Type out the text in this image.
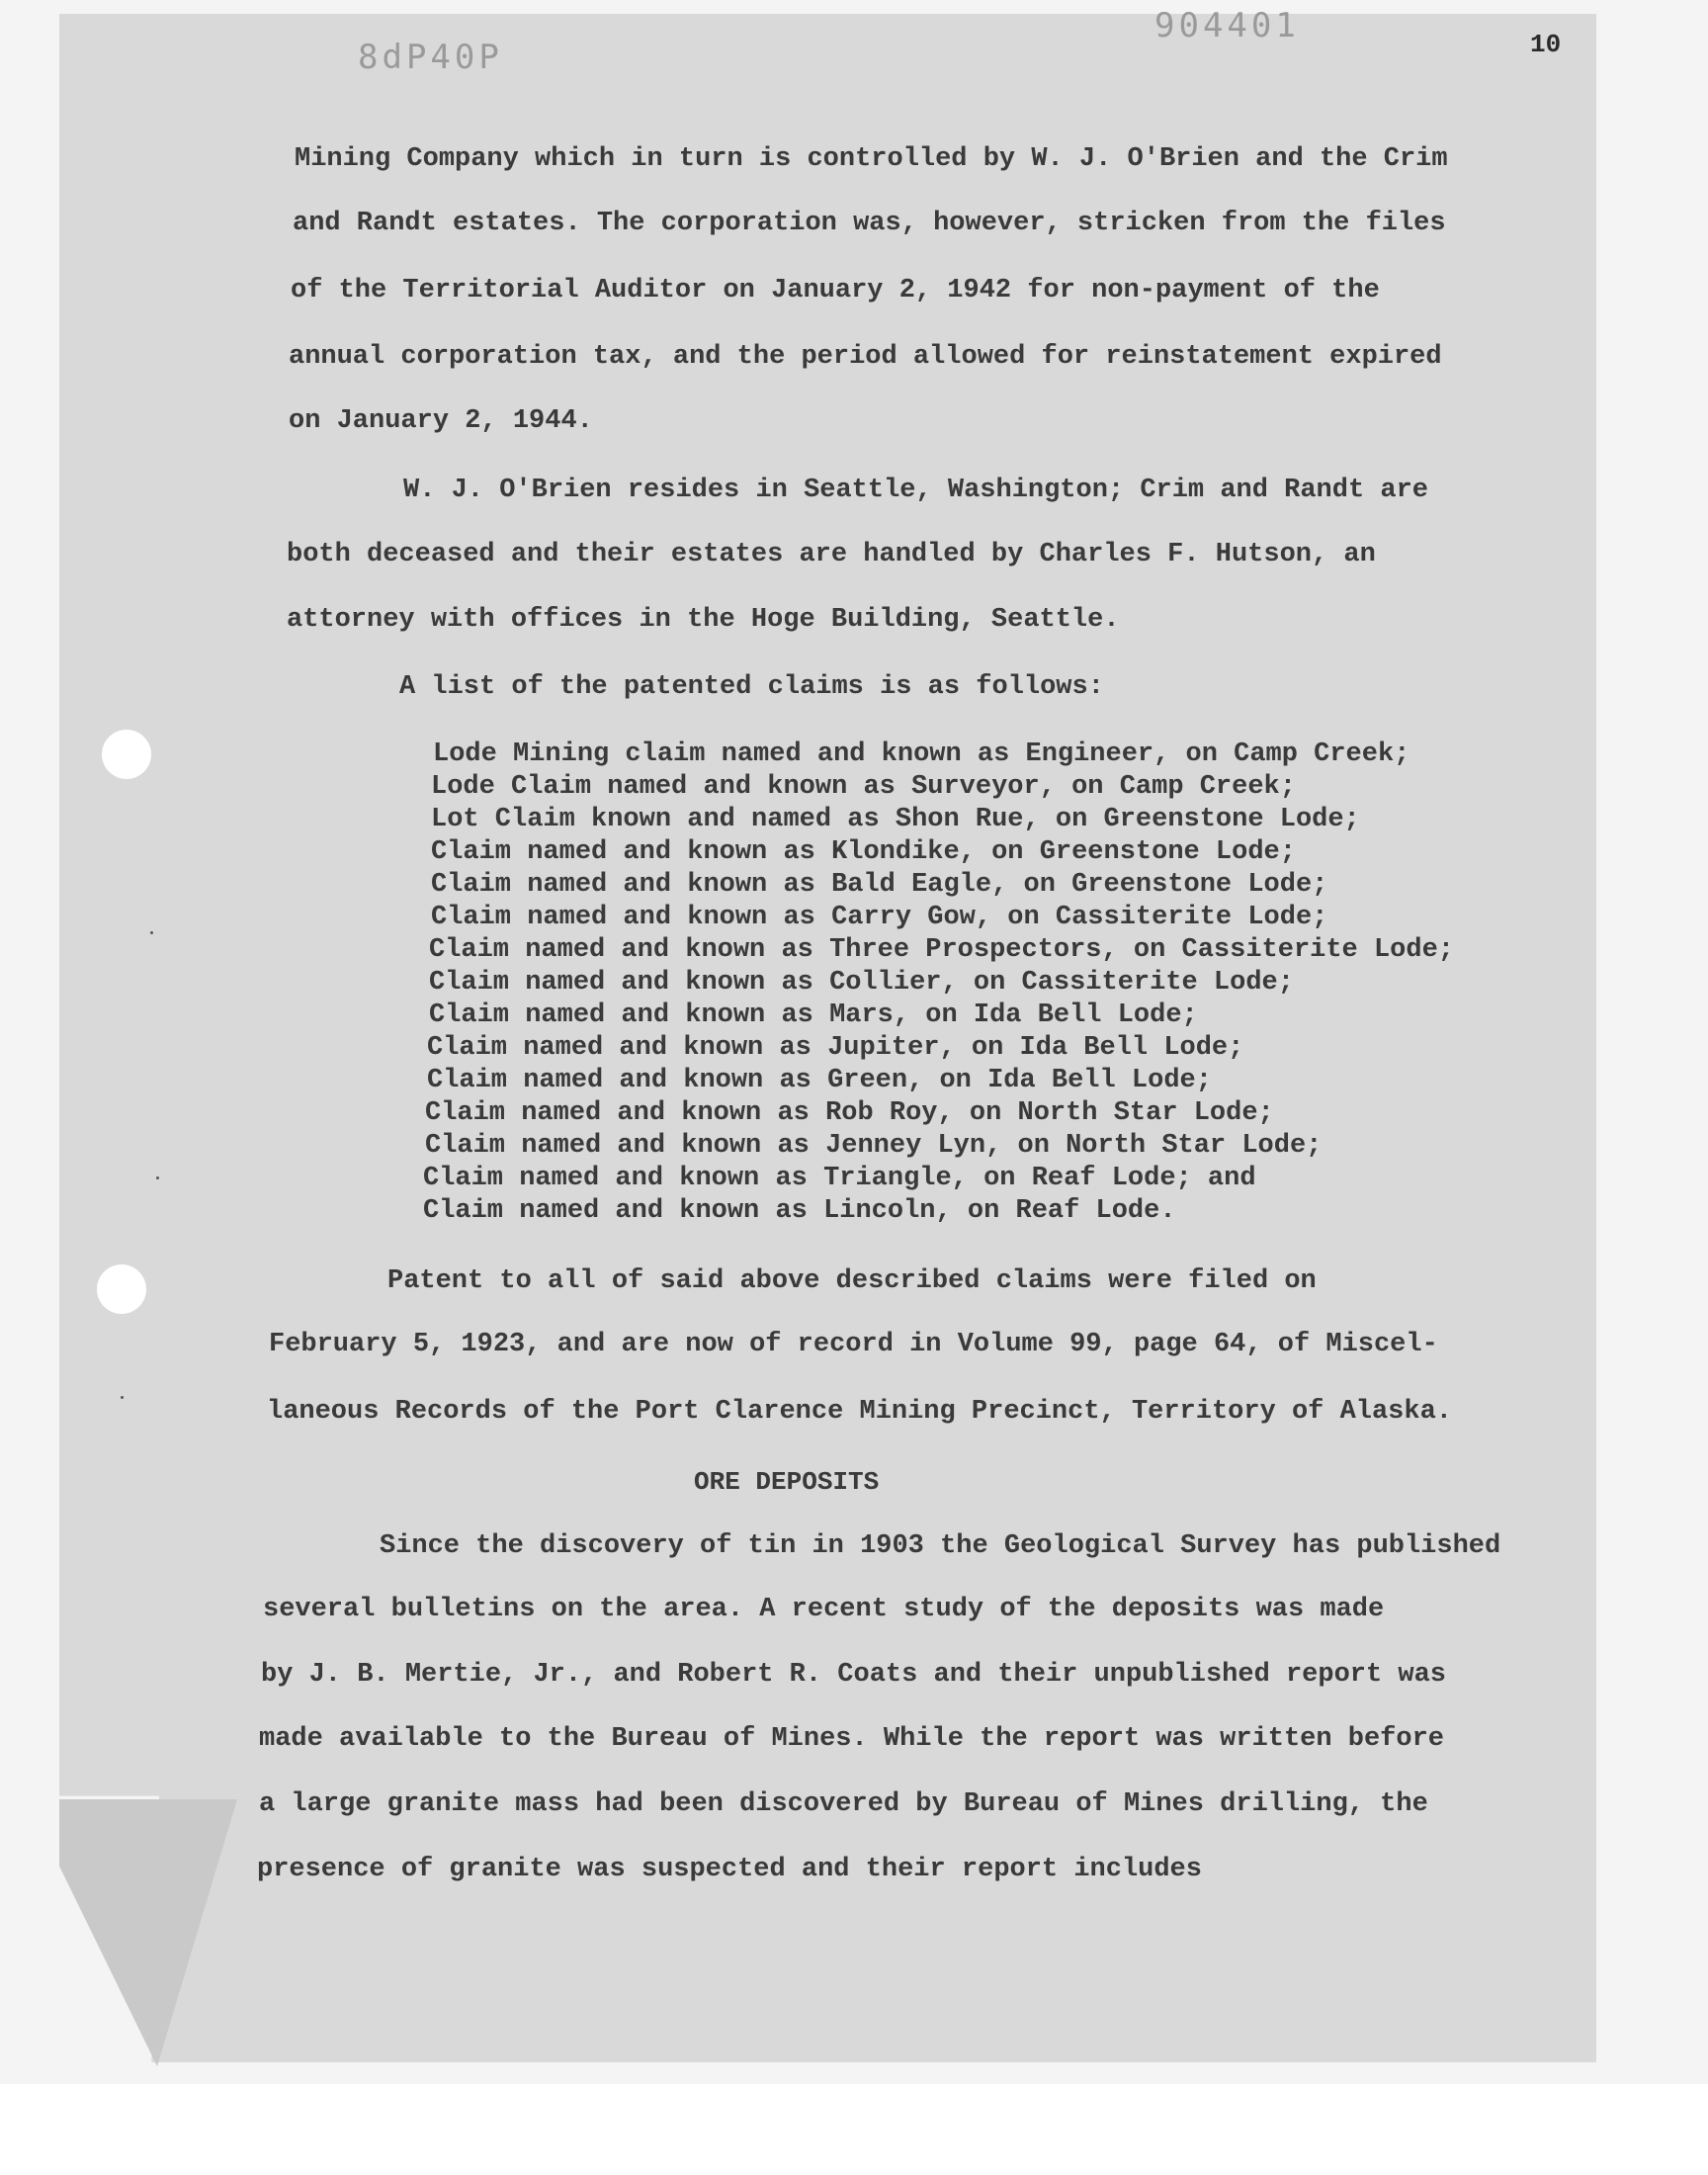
8dP40P
904401	10
Mining Company which in turn is controlled by W. J. O'Brien and the Crim
and Randt estates. The corporation was, however, stricken from the files
of the Territorial Auditor on January 2, 1942 for non-payment of the
annual corporation tax, and the period allowed for reinstatement expired
on January 2, 1944.
W. J. O'Brien resides in Seattle, Washington; Crim and Randt are
both deceased and their estates are handled by Charles F. Hutson, an
attorney with offices in the Hoge Building, Seattle.
A list of the patented claims is as follows:
Lode Mining claim named and known as Engineer, on Camp Creek;
Lode Claim named and known as Surveyor, on Camp Creek;
Lot Claim known and named as Shon Rue, on Greenstone Lode;
Claim named and known as Klondike, on Greenstone Lode;
Claim named and known as Bald Eagle, on Greenstone Lode;
Claim named and known as Carry Gow, on Cassiterite Lode;
Claim named and known as Three Prospectors, on Cassiterite Lode;
Claim named and known as Collier, on Cassiterite Lode;
Claim named and known as Mars, on Ida Bell Lode;
Claim named and known as Jupiter, on Ida Bell Lode;
Claim named and known as Green, on Ida Bell Lode;
Claim named and known as Rob Roy, on North Star Lode;
Claim named and known as Jenney Lyn, on North Star Lode;
Claim named and known as Triangle, on Reaf Lode; and
Claim named and known as Lincoln, on Reaf Lode.
Patent to all of said above described claims were filed on
February 5, 1923, and are now of record in Volume 99, page 64, of Miscel-
laneous Records of the Port Clarence Mining Precinct, Territory of Alaska.
ORE DEPOSITS
Since the discovery of tin in 1903 the Geological Survey has published
several bulletins on the area. A recent study of the deposits was made
by J. B. Mertie, Jr., and Robert R. Coats and their unpublished report was
made available to the Bureau of Mines. While the report was written before
a large granite mass had been discovered by Bureau of Mines drilling, the
presence of granite was suspected and their report includes
